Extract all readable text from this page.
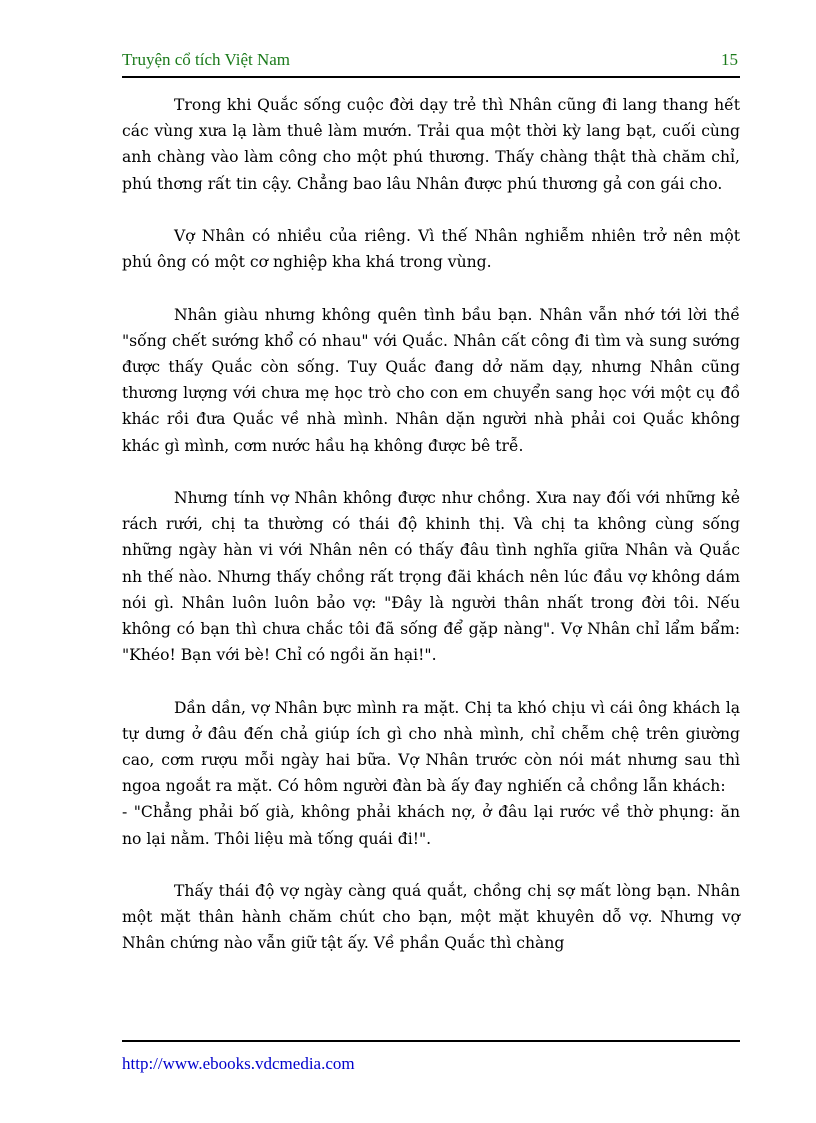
Truyện cổ tích Việt Nam	15

Trong khi Quắc sống cuộc đời dạy trẻ thì Nhân cũng đi lang thang hết các vùng xưa lạ làm thuê làm mướn. Trải qua một thời kỳ lang bạt, cuối cùng anh chàng vào làm công cho một phú thương. Thấy chàng thật thà chăm chỉ, phú thơng rất tin cậy. Chẳng bao lâu Nhân được phú thương gả con gái cho.

Vợ Nhân có nhiều của riêng. Vì thế Nhân nghiễm nhiên trở nên một phú ông có một cơ nghiệp kha khá trong vùng.

Nhân giàu nhưng không quên tình bầu bạn. Nhân vẫn nhớ tới lời thề "sống chết sướng khổ có nhau" với Quắc. Nhân cất công đi tìm và sung sướng được thấy Quắc còn sống. Tuy Quắc đang dở năm dạy, nhưng Nhân cũng thương lượng với chưa mẹ học trò cho con em chuyển sang học với một cụ đồ khác rồi đưa Quắc về nhà mình. Nhân dặn người nhà phải coi Quắc không khác gì mình, cơm nước hầu hạ không được bê trễ.

Nhưng tính vợ Nhân không được như chồng. Xưa nay đối với những kẻ rách rưới, chị ta thường có thái độ khinh thị. Và chị ta không cùng sống những ngày hàn vi với Nhân nên có thấy đâu tình nghĩa giữa Nhân và Quắc nh thế nào. Nhưng thấy chồng rất trọng đãi khách nên lúc đầu vợ không dám nói gì. Nhân luôn luôn bảo vợ: "Đây là người thân nhất trong đời tôi. Nếu không có bạn thì chưa chắc tôi đã sống để gặp nàng". Vợ Nhân chỉ lẩm bẩm: "Khéo! Bạn với bè! Chỉ có ngồi ăn hại!".

Dần dần, vợ Nhân bực mình ra mặt. Chị ta khó chịu vì cái ông khách lạ tự dưng ở đâu đến chả giúp ích gì cho nhà mình, chỉ chễm chệ trên giường cao, cơm rượu mỗi ngày hai bữa. Vợ Nhân trước còn nói mát nhưng sau thì ngoa ngoắt ra mặt. Có hôm người đàn bà ấy đay nghiến cả chồng lẫn khách:

- "Chẳng phải bố già, không phải khách nợ, ở đâu lại rước về thờ phụng: ăn no lại nằm. Thôi liệu mà tống quái đi!".

Thấy thái độ vợ ngày càng quá quắt, chồng chị sợ mất lòng bạn. Nhân một mặt thân hành chăm chút cho bạn, một mặt khuyên dỗ vợ. Nhưng vợ Nhân chứng nào vẫn giữ tật ấy. Về phần Quắc thì chàng

http://www.ebooks.vdcmedia.com
